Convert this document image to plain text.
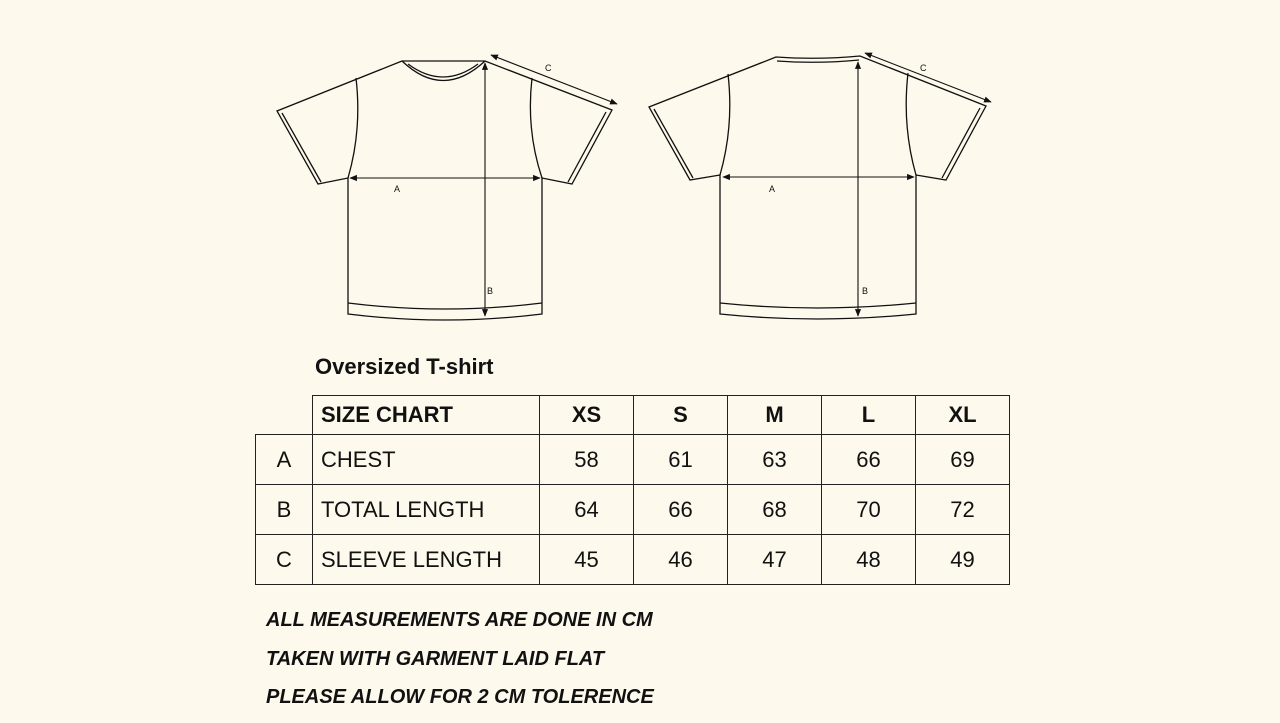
A
B
C
A
B
C
Oversized T-shirt
	SIZE CHART	XS	S	M	L	XL
A	CHEST	58	61	63	66	69
B	TOTAL LENGTH	64	66	68	70	72
C	SLEEVE LENGTH	45	46	47	48	49
ALL MEASUREMENTS ARE DONE IN CM
TAKEN WITH GARMENT LAID FLAT
PLEASE ALLOW FOR 2 CM TOLERENCE
